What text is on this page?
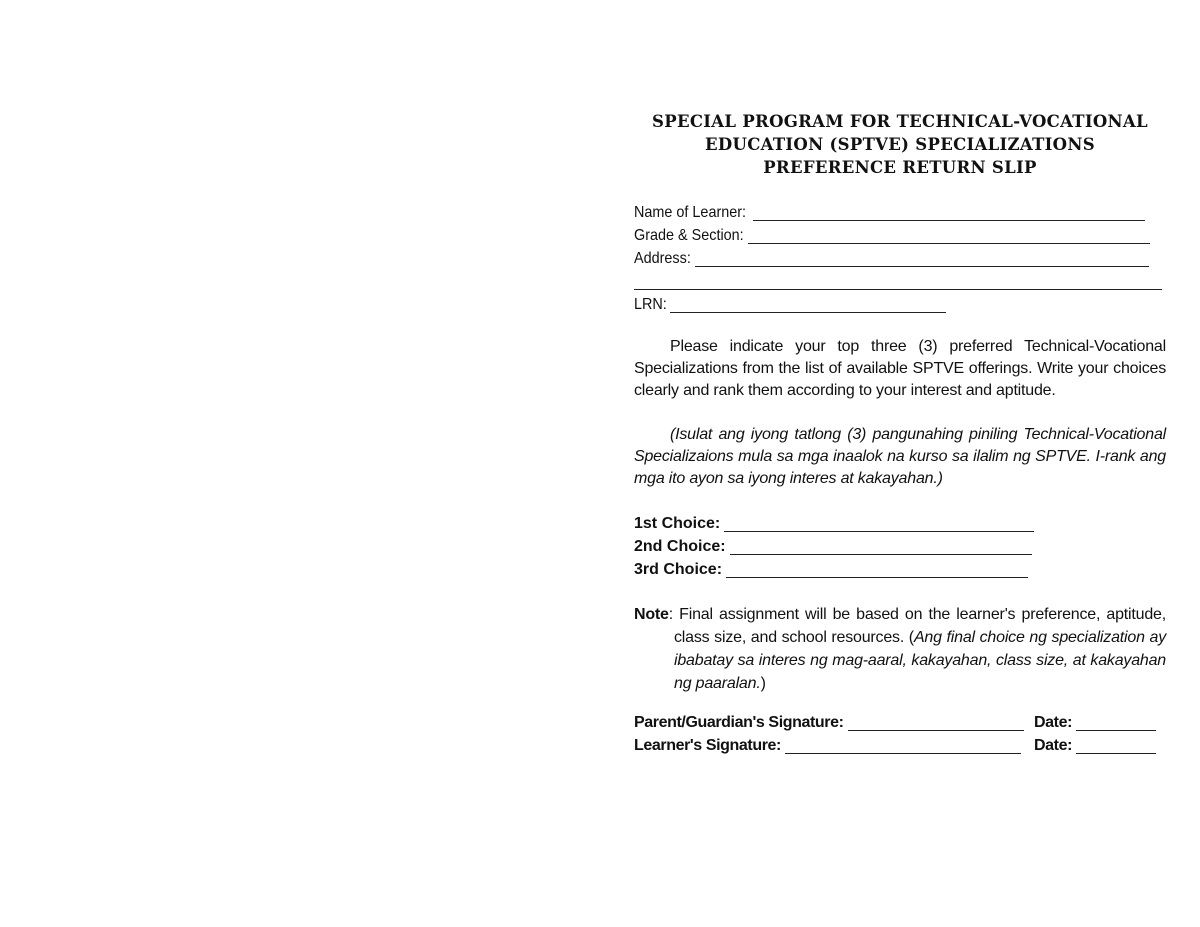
SPECIAL PROGRAM FOR TECHNICAL-VOCATIONAL
EDUCATION (SPTVE) SPECIALIZATIONS
PREFERENCE RETURN SLIP
Name of Learner:
Grade & Section:
Address:
LRN:

Please indicate your top three (3) preferred Technical-Vocational Specializations from the list of available SPTVE offerings. Write your choices clearly and rank them according to your interest and aptitude.

(Isulat ang iyong tatlong (3) pangunahing piniling Technical-Vocational Specializaions mula sa mga inaalok na kurso sa ilalim ng SPTVE. I-rank ang mga ito ayon sa iyong interes at kakayahan.)

1st Choice:
2nd Choice:
3rd Choice:
Note: Final assignment will be based on the learner's preference, aptitude, class size, and school resources. (Ang final choice ng specialization ay ibabatay sa interes ng mag-aaral, kakayahan, class size, at kakayahan ng paaralan.)
Parent/Guardian's Signature:	Date:
Learner's Signature:	Date:
